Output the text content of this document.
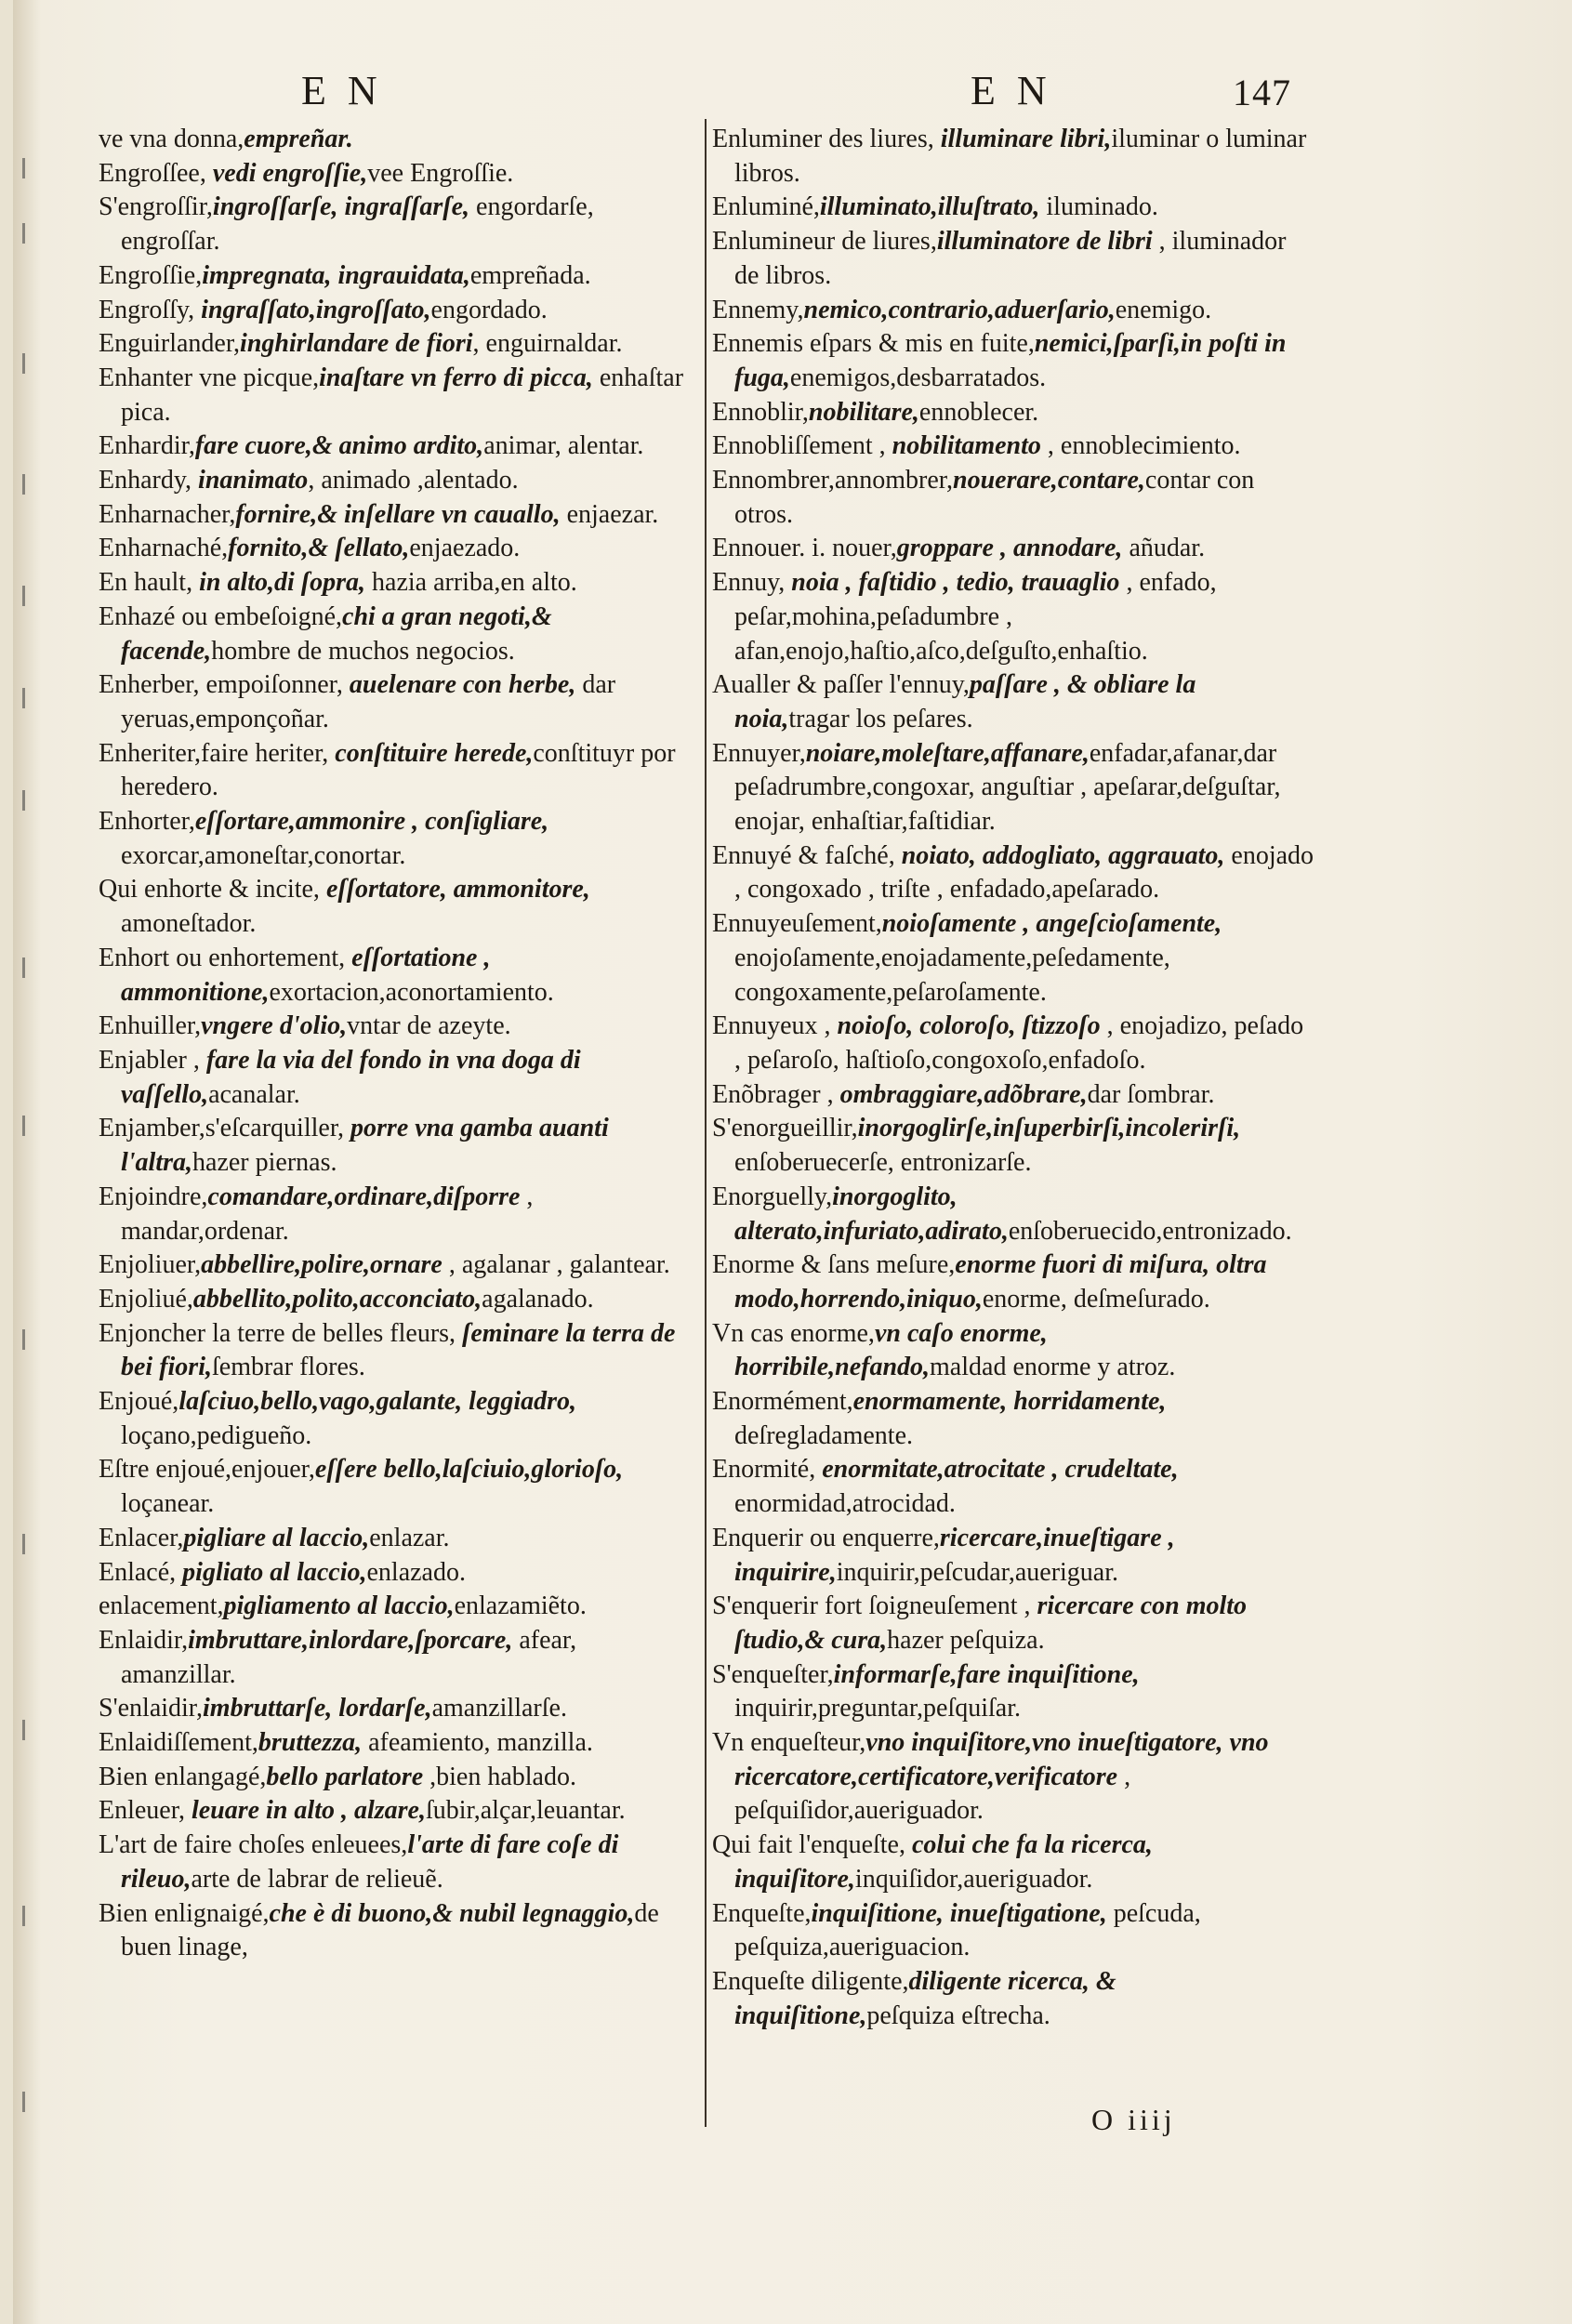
E N	E N	147

ve vna donna,empreñar.

Engroſſee, vedi engroſſie,vee Engroſſie.

S'engroſſir,ingroſſarſe, ingraſſarſe, engordarſe, engroſſar.

Engroſſie,impregnata, ingrauidata,empreñada.

Engroſſy, ingraſſato,ingroſſato,engordado.

Enguirlander,inghirlandare de fiori, enguirnaldar.

Enhanter vne picque,inaſtare vn ferro di picca, enhaſtar pica.

Enhardir,fare cuore,& animo ardito,animar, alentar.

Enhardy, inanimato, animado ,alentado.

Enharnacher,fornire,& inſellare vn cauallo, enjaezar.

Enharnaché,fornito,& ſellato,enjaezado.

En hault, in alto,di ſopra, hazia arriba,en alto.

Enhazé ou embeſoigné,chi a gran negoti,& facende,hombre de muchos negocios.

Enherber, empoiſonner, auelenare con herbe, dar yeruas,emponçoñar.

Enheriter,faire heriter, conſtituire herede,conſtituyr por heredero.

Enhorter,eſſortare,ammonire , conſigliare, exorcar,amoneſtar,conortar.

Qui enhorte & incite, eſſortatore, ammonitore, amoneſtador.

Enhort ou enhortement, eſſortatione , ammonitione,exortacion,aconortamiento.

Enhuiller,vngere d'olio,vntar de azeyte.

Enjabler , fare la via del fondo in vna doga di vaſſello,acanalar.

Enjamber,s'eſcarquiller, porre vna gamba auanti l'altra,hazer piernas.

Enjoindre,comandare,ordinare,diſporre , mandar,ordenar.

Enjoliuer,abbellire,polire,ornare , agalanar , galantear.

Enjoliué,abbellito,polito,acconciato,agalanado.

Enjoncher la terre de belles fleurs, ſeminare la terra de bei fiori,ſembrar flores.

Enjoué,laſciuo,bello,vago,galante, leggiadro, loçano,pediguеño.

Eſtre enjoué,enjouer,eſſere bello,laſciuio,glorioſo, loçanear.

Enlacer,pigliare al laccio,enlazar.

Enlacé, pigliato al laccio,enlazado.

enlacement,pigliamento al laccio,enlazamiẽto.

Enlaidir,imbruttare,inlordare,ſporcare, afear, amanzillar.

S'enlaidir,imbruttarſe, lordarſe,amanzillarſe.

Enlaidiſſement,bruttezza, afeamiento, manzilla.

Bien enlangagé,bello parlatore ,bien hablado.

Enleuer, leuare in alto , alzare,ſubir,alçar,leuantar.

L'art de faire choſes enleuees,l'arte di fare coſe di rileuo,arte de labrar de relieuẽ.

Bien enlignaigé,che è di buono,& nubil legnaggio,de buen linage,

Enluminer des liures, illuminare libri,iluminar o luminar libros.

Enluminé,illuminato,illuſtrato, iluminado.

Enlumineur de liures,illuminatore de libri , iluminador de libros.

Ennemy,nemico,contrario,aduerſario,enemigo.

Ennemis eſpars & mis en fuite,nemici,ſparſi,in poſti in fuga,enemigos,desbarratados.

Ennoblir,nobilitare,ennoblecer.

Ennobliſſement , nobilitamento , ennoblecimiento.

Ennombrer,annombrer,nouerare,contare,contar con otros.

Ennouer. i. nouer,groppare , annodare, añudar.

Ennuy, noia , faſtidio , tedio, trauaglio , enfado, peſar,mohina,peſadumbre , afan,enojo,haſtio,aſco,deſguſto,enhaſtio.

Aualler & paſſer l'ennuy,paſſare , & obliare la noia,tragar los peſares.

Ennuyer,noiare,moleſtare,affanare,enfadar,afanar,dar peſadrumbre,congoxar, anguſtiar , apeſarar,deſguſtar, enojar, enhaſtiar,faſtidiar.

Ennuyé & faſché, noiato, addogliato, aggrauato, enojado , congoxado , triſte , enfadado,apeſarado.

Ennuyeuſement,noioſamente , angeſcioſamente, enojoſamente,enojadamente,peſedamente, congoxamente,peſaroſamente.

Ennuyeux , noioſo, coloroſo, ſtizzoſo , enojadizo, peſado , peſaroſo, haſtioſo,congoxoſo,enfadoſo.

Enõbrager , ombraggiare,adõbrare,dar ſombrar.

S'enorgueillir,inorgoglirſe,inſuperbirſi,incolerirſi, enſoberuecerſe, entronizarſe.

Enorguelly,inorgoglito, alterato,infuriato,adirato,enſoberuecido,entronizado.

Enorme & ſans meſure,enorme fuori di miſura, oltra modo,horrendo,iniquo,enorme, deſmeſurado.

Vn cas enorme,vn caſo enorme, horribile,nefando,maldad enorme y atroz.

Enormément,enormamente, horridamente, deſregladamente.

Enormité, enormitate,atrocitate , crudeltate, enormidad,atrocidad.

Enquerir ou enquerre,ricercare,inueſtigare , inquirire,inquirir,peſcudar,aueriguar.

S'enquerir fort ſoigneuſement , ricercare con molto ſtudio,& cura,hazer peſquiza.

S'enqueſter,informarſe,fare inquiſitione, inquirir,preguntar,peſquiſar.

Vn enqueſteur,vno inquiſitore,vno inueſtigatore, vno ricercatore,certificatore,verificatore , peſquiſidor,aueriguador.

Qui fait l'enqueſte, colui che fa la ricerca, inquiſitore,inquiſidor,aueriguador.

Enqueſte,inquiſitione, inueſtigatione, peſcuda, peſquiza,aueriguacion.

Enqueſte diligente,diligente ricerca, & inquiſitione,peſquiza eſtrecha.

O iiij
